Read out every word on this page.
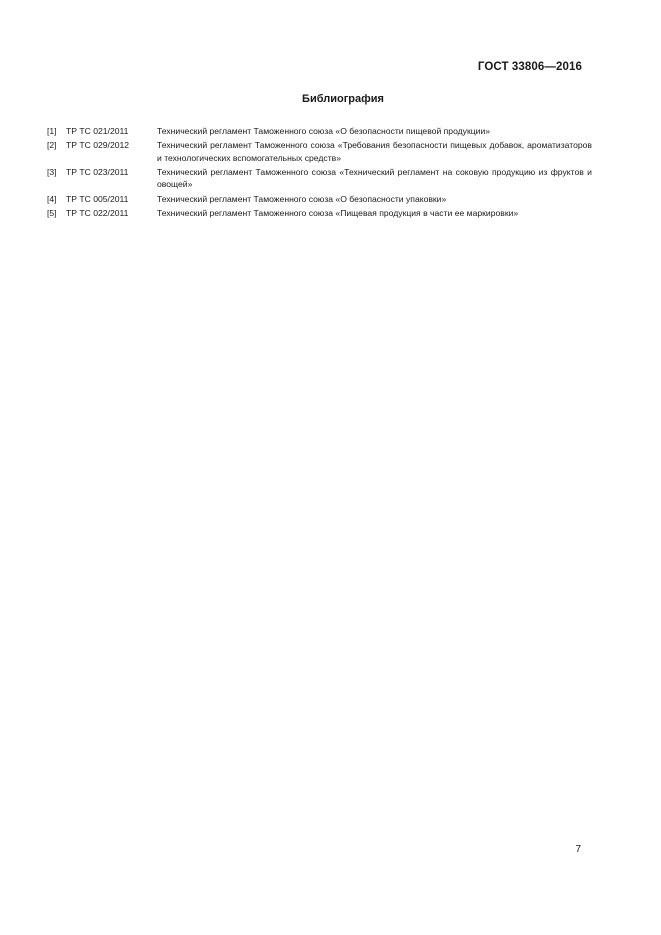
ГОСТ 33806—2016
Библиография
[1]	ТР ТС 021/2011	Технический регламент Таможенного союза «О безопасности пищевой продукции»
[2]	ТР ТС 029/2012	Технический регламент Таможенного союза «Требования безопасности пищевых добавок, ароматизаторов и технологических вспомогательных средств»
[3]	ТР ТС 023/2011	Технический регламент Таможенного союза «Технический регламент на соковую продукцию из фруктов и овощей»
[4]	ТР ТС 005/2011	Технический регламент Таможенного союза «О безопасности упаковки»
[5]	ТР ТС 022/2011	Технический регламент Таможенного союза «Пищевая продукция в части ее маркировки»
7
